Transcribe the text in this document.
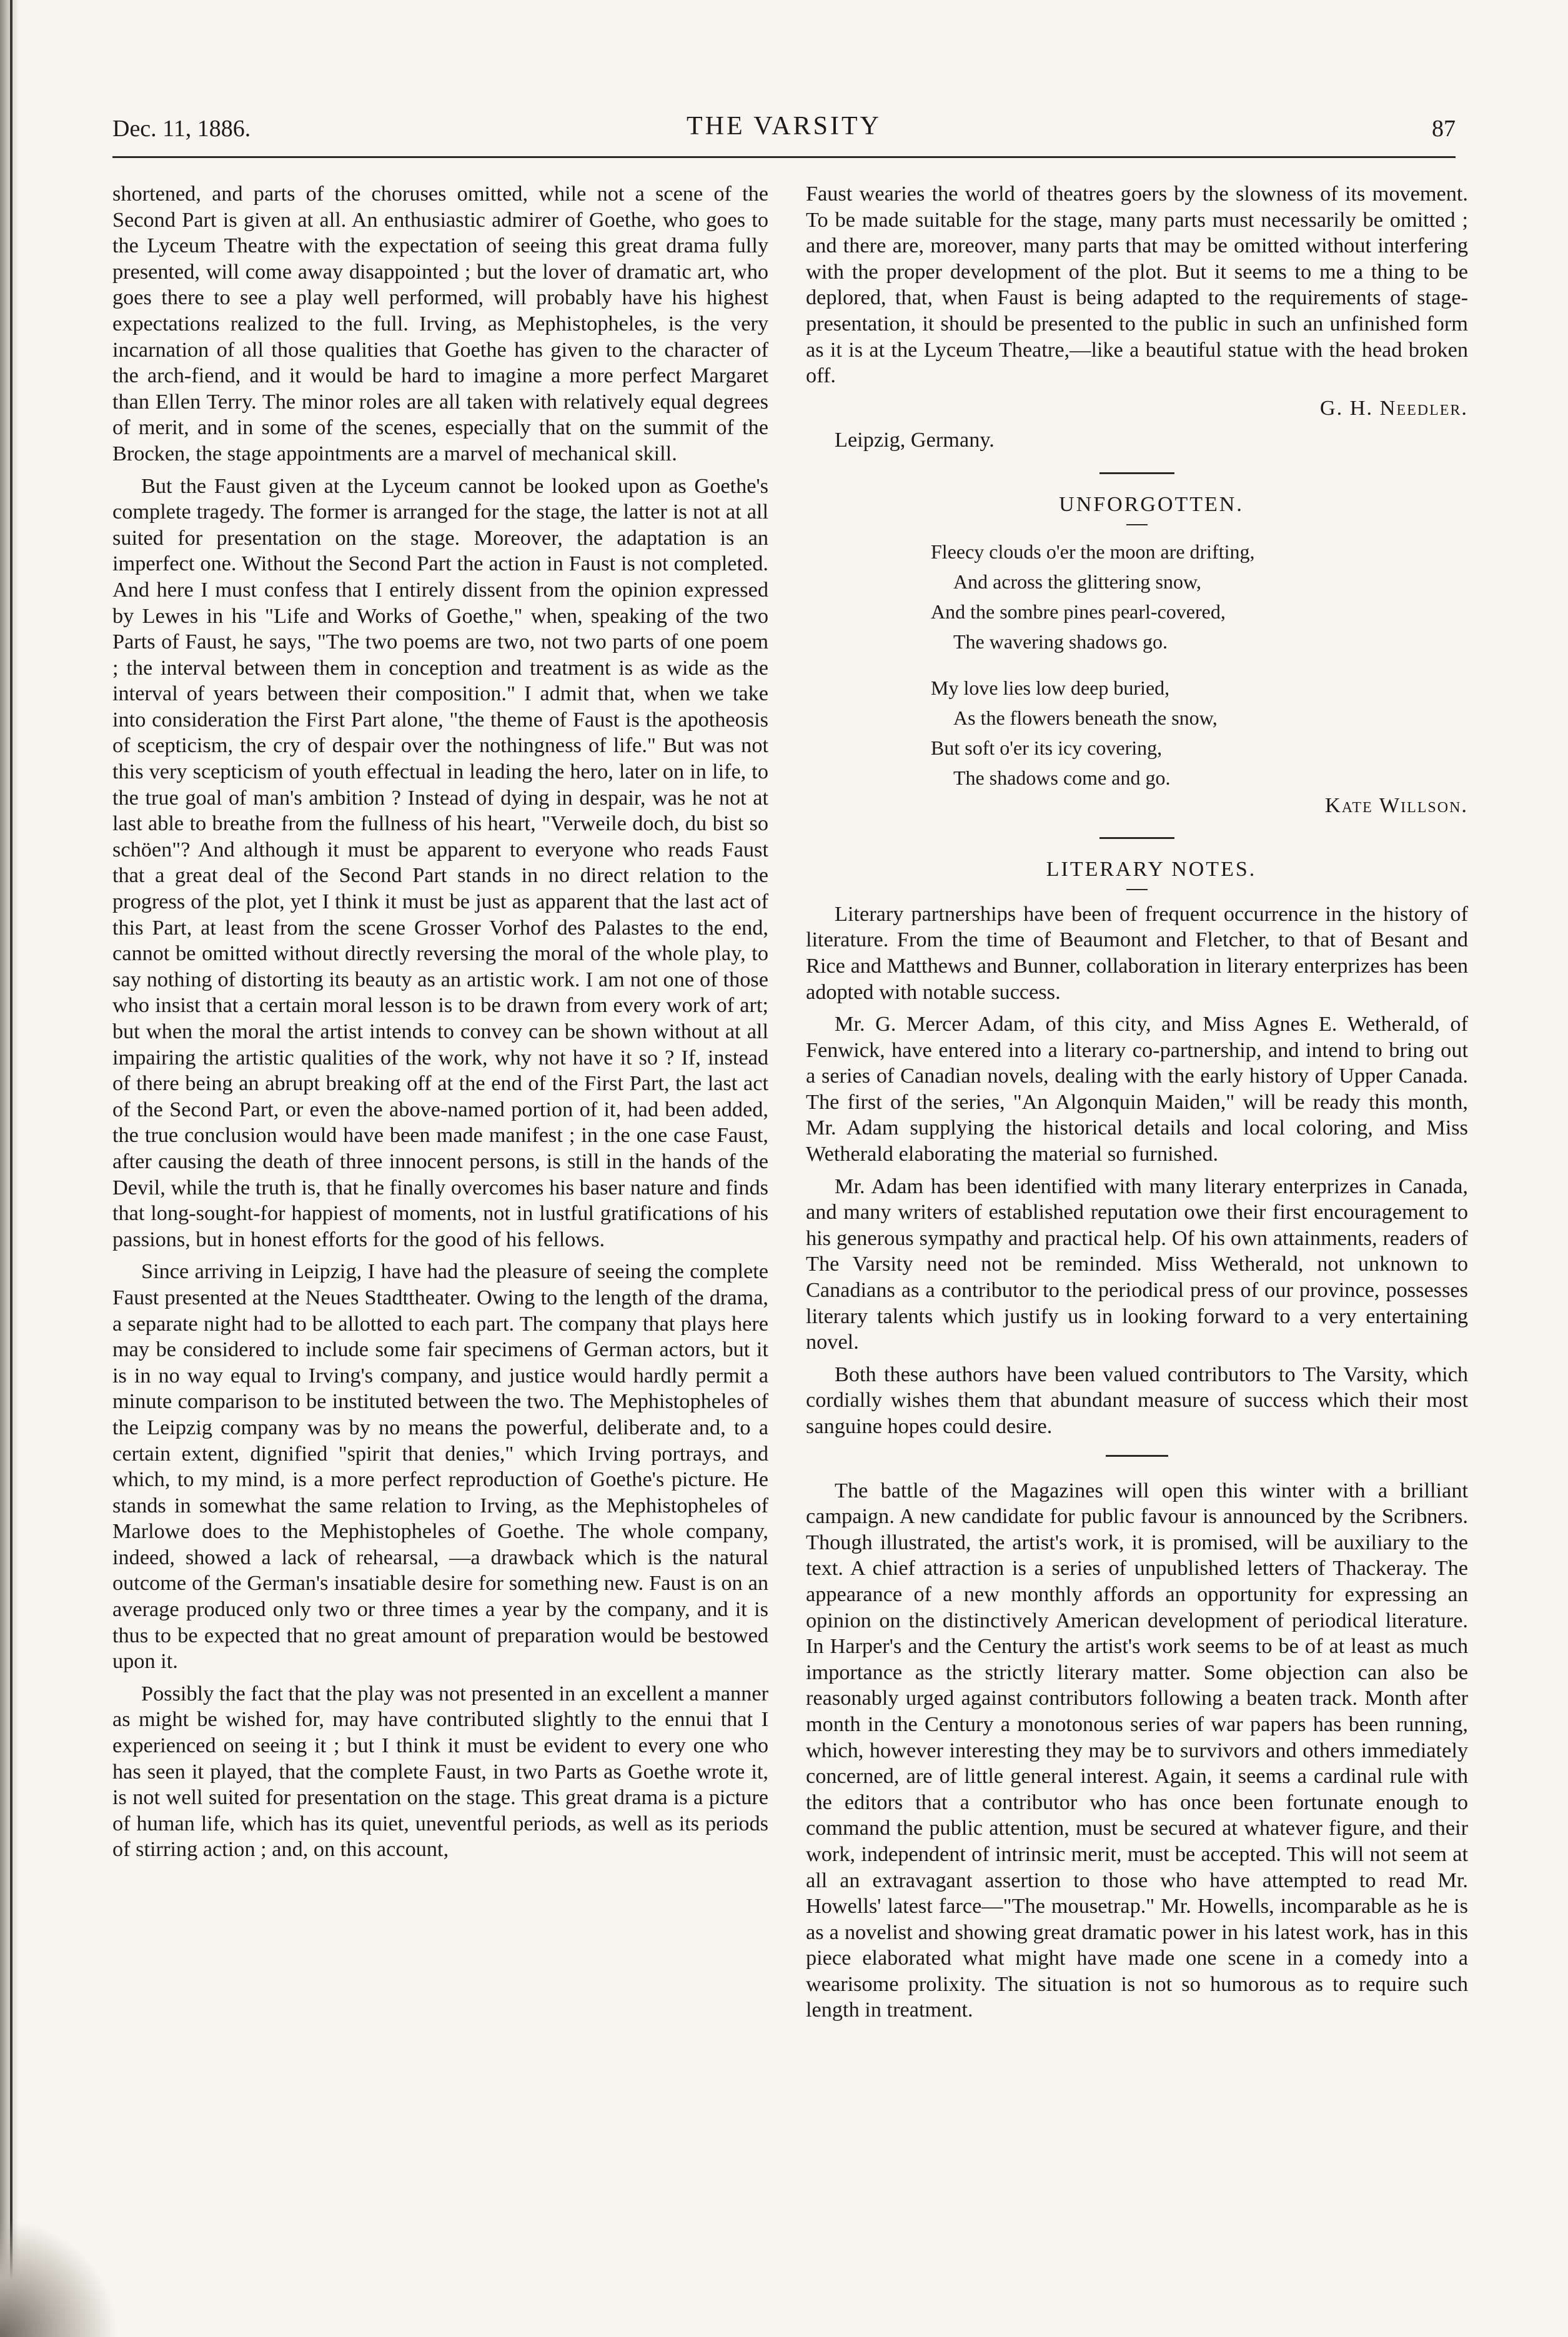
Dec. 11, 1886.	THE VARSITY	87

shortened, and parts of the choruses omitted, while not a scene of the Second Part is given at all. An enthusiastic admirer of Goethe, who goes to the Lyceum Theatre with the expectation of seeing this great drama fully presented, will come away disappointed ; but the lover of dramatic art, who goes there to see a play well performed, will probably have his highest expectations realized to the full. Irving, as Mephistopheles, is the very incarnation of all those qualities that Goethe has given to the character of the arch-fiend, and it would be hard to imagine a more perfect Margaret than Ellen Terry. The minor roles are all taken with relatively equal degrees of merit, and in some of the scenes, especially that on the summit of the Brocken, the stage appointments are a marvel of mechanical skill.

But the Faust given at the Lyceum cannot be looked upon as Goethe's complete tragedy. The former is arranged for the stage, the latter is not at all suited for presentation on the stage. Moreover, the adaptation is an imperfect one. Without the Second Part the action in Faust is not completed. And here I must confess that I entirely dissent from the opinion expressed by Lewes in his "Life and Works of Goethe," when, speaking of the two Parts of Faust, he says, "The two poems are two, not two parts of one poem ; the interval between them in conception and treatment is as wide as the interval of years between their composition." I admit that, when we take into consideration the First Part alone, "the theme of Faust is the apotheosis of scepticism, the cry of despair over the nothingness of life." But was not this very scepticism of youth effectual in leading the hero, later on in life, to the true goal of man's ambition ? Instead of dying in despair, was he not at last able to breathe from the fullness of his heart, "Verweile doch, du bist so schöen"? And although it must be apparent to everyone who reads Faust that a great deal of the Second Part stands in no direct relation to the progress of the plot, yet I think it must be just as apparent that the last act of this Part, at least from the scene Grosser Vorhof des Palastes to the end, cannot be omitted without directly reversing the moral of the whole play, to say nothing of distorting its beauty as an artistic work. I am not one of those who insist that a certain moral lesson is to be drawn from every work of art; but when the moral the artist intends to convey can be shown without at all impairing the artistic qualities of the work, why not have it so ? If, instead of there being an abrupt breaking off at the end of the First Part, the last act of the Second Part, or even the above-named portion of it, had been added, the true conclusion would have been made manifest ; in the one case Faust, after causing the death of three innocent persons, is still in the hands of the Devil, while the truth is, that he finally overcomes his baser nature and finds that long-sought-for happiest of moments, not in lustful gratifications of his passions, but in honest efforts for the good of his fellows.

Since arriving in Leipzig, I have had the pleasure of seeing the complete Faust presented at the Neues Stadttheater. Owing to the length of the drama, a separate night had to be allotted to each part. The company that plays here may be considered to include some fair specimens of German actors, but it is in no way equal to Irving's company, and justice would hardly permit a minute comparison to be instituted between the two. The Mephistopheles of the Leipzig company was by no means the powerful, deliberate and, to a certain extent, dignified "spirit that denies," which Irving portrays, and which, to my mind, is a more perfect reproduction of Goethe's picture. He stands in somewhat the same relation to Irving, as the Mephistopheles of Marlowe does to the Mephistopheles of Goethe. The whole company, indeed, showed a lack of rehearsal, —a drawback which is the natural outcome of the German's insatiable desire for something new. Faust is on an average produced only two or three times a year by the company, and it is thus to be expected that no great amount of preparation would be bestowed upon it.

Possibly the fact that the play was not presented in an excellent a manner as might be wished for, may have contributed slightly to the ennui that I experienced on seeing it ; but I think it must be evident to every one who has seen it played, that the complete Faust, in two Parts as Goethe wrote it, is not well suited for presentation on the stage. This great drama is a picture of human life, which has its quiet, uneventful periods, as well as its periods of stirring action ; and, on this account,

Faust wearies the world of theatres goers by the slowness of its movement. To be made suitable for the stage, many parts must necessarily be omitted ; and there are, moreover, many parts that may be omitted without interfering with the proper development of the plot. But it seems to me a thing to be deplored, that, when Faust is being adapted to the requirements of stage-presentation, it should be presented to the public in such an unfinished form as it is at the Lyceum Theatre,—like a beautiful statue with the head broken off.

G. H. Needler.

Leipzig, Germany.

UNFORGOTTEN.

Fleecy clouds o'er the moon are drifting,
And across the glittering snow,
And the sombre pines pearl-covered,
The wavering shadows go.
My love lies low deep buried,
As the flowers beneath the snow,
But soft o'er its icy covering,
The shadows come and go.

Kate Willson.

LITERARY NOTES.

Literary partnerships have been of frequent occurrence in the history of literature. From the time of Beaumont and Fletcher, to that of Besant and Rice and Matthews and Bunner, collaboration in literary enterprizes has been adopted with notable success.

Mr. G. Mercer Adam, of this city, and Miss Agnes E. Wetherald, of Fenwick, have entered into a literary co-partnership, and intend to bring out a series of Canadian novels, dealing with the early history of Upper Canada. The first of the series, "An Algonquin Maiden," will be ready this month, Mr. Adam supplying the historical details and local coloring, and Miss Wetherald elaborating the material so furnished.

Mr. Adam has been identified with many literary enterprizes in Canada, and many writers of established reputation owe their first encouragement to his generous sympathy and practical help. Of his own attainments, readers of The Varsity need not be reminded. Miss Wetherald, not unknown to Canadians as a contributor to the periodical press of our province, possesses literary talents which justify us in looking forward to a very entertaining novel.

Both these authors have been valued contributors to The Varsity, which cordially wishes them that abundant measure of success which their most sanguine hopes could desire.

The battle of the Magazines will open this winter with a brilliant campaign. A new candidate for public favour is announced by the Scribners. Though illustrated, the artist's work, it is promised, will be auxiliary to the text. A chief attraction is a series of unpublished letters of Thackeray. The appearance of a new monthly affords an opportunity for expressing an opinion on the distinctively American development of periodical literature. In Harper's and the Century the artist's work seems to be of at least as much importance as the strictly literary matter. Some objection can also be reasonably urged against contributors following a beaten track. Month after month in the Century a monotonous series of war papers has been running, which, however interesting they may be to survivors and others immediately concerned, are of little general interest. Again, it seems a cardinal rule with the editors that a contributor who has once been fortunate enough to command the public attention, must be secured at whatever figure, and their work, independent of intrinsic merit, must be accepted. This will not seem at all an extravagant assertion to those who have attempted to read Mr. Howells' latest farce—"The mousetrap." Mr. Howells, incomparable as he is as a novelist and showing great dramatic power in his latest work, has in this piece elaborated what might have made one scene in a comedy into a wearisome prolixity. The situation is not so humorous as to require such length in treatment.
